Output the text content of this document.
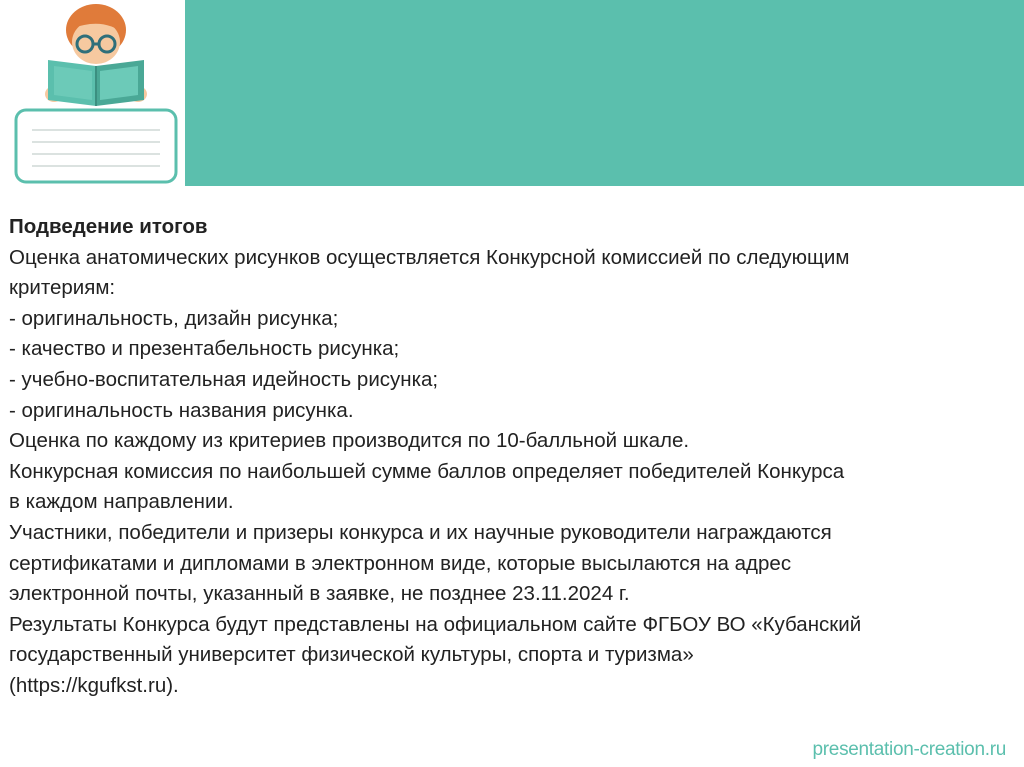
Подведение итогов

Оценка анатомических рисунков осуществляется Конкурсной комиссией по следующим

критериям:

- оригинальность, дизайн рисунка;

- качество и презентабельность рисунка;

- учебно-воспитательная идейность рисунка;

- оригинальность названия рисунка.

Оценка по каждому из критериев производится по 10-балльной шкале.

Конкурсная комиссия по наибольшей сумме баллов определяет победителей Конкурса

в каждом направлении.

Участники, победители и призеры конкурса и их научные руководители награждаются

сертификатами и дипломами в электронном виде, которые высылаются на адрес

электронной почты, указанный в заявке, не позднее 23.11.2024 г.

Результаты Конкурса будут представлены на официальном сайте ФГБОУ ВО «Кубанский

государственный университет физической культуры, спорта и туризма»

(https://kgufkst.ru).

presentation-creation.ru
